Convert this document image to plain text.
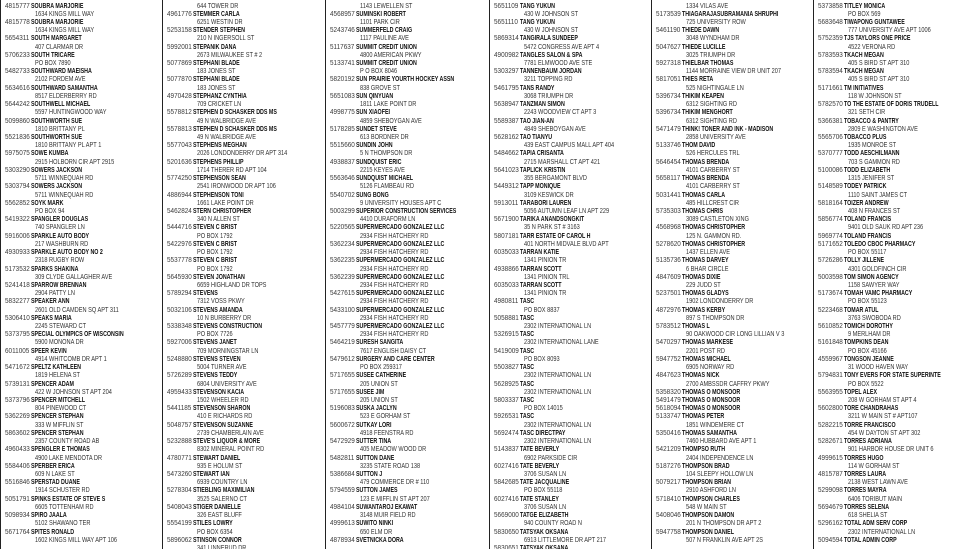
4815777 SOUBRA MARJORIE
1634 KINGS MILL WAY
4815778 SOUBRA MARJORIE
1634 KINGS MILL WAY
5654311 SOUTH MARGARET
407 CLARMAR DR
5706233 SOUTH TRICARE
PO BOX 7890
5482733 SOUTHWARD MAEISHA
2102 FORDEM AVE
5634616 SOUTHWARD SAMANTHA
8517 ELDERBERRY RD
5644242 SOUTHWELL MICHAEL
5597 HUNTINGWOOD WAY
5099860 SOUTHWORTH SUE
1810 BRITTANY PL
5521836 SOUTHWORTH SUE
1810 BRITTANY PL APT 1
5975075 SOWE KUMBA
2915 HOLBORN CIR APT 2915
5303290 SOWERS JACKSON
5711 WINNEQUAH RD
5303794 SOWERS JACKSON
5711 WINNEQUAH RD
5562852 SOYK MARK
PO BOX 94
5419322 SPANGLER DOUGLAS
740 SPANGLER LN
5916006 SPARKLE AUTO BODY
217 WASHBURN RD
4930933 SPARKLE AUTO BODY NO 2
2318 RUGBY ROW
5173532 SPARKS SHAKINA
309 CLYDE GALLAGHER AVE
5241418 SPARROW BRENNAN
2904 PATTY LN
5832277 SPEAKER ANN
2601 OLD CAMDEN SQ APT 311
5306410 SPEAKS MARIA
2245 STEWARD CT
5373795 SPECIAL OLYMPICS OF WISCONSIN
5900 MONONA DR
6011005 SPEER KEVIN
4914 WHITCOMB DR APT 1
5471672 SPELTZ KATHLEEN
1819 HELENA ST
5739131 SPENCER ADAM
422 W JOHNSON ST APT 204
5373796 SPENCER MITCHELL
804 PINEWOOD CT
5362269 SPENCER STEPHAN
333 W MIFFLIN ST
5863602 SPENCER STEPHAN
2357 COUNTY ROAD AB
4960433 SPENGLER E THOMAS
4900 LAKE MENDOTA DR
5584406 SPERBER ERICA
609 N LAKE ST
5516846 SPERSTAD DUANE
1914 SCHUSTER RD
5051791 SPINKS ESTATE OF STEVE S
6605 TOTTENHAM RD
5098934 SPIRO JAALA
5102 SHAWANO TER
5671764 SPITES RONALD
1602 KINGS MILL WAY APT 106
644 TOWER DR
4961776 STEMMER CARLA
6251 WESTIN DR
5253158 STENDER STEPHEN
210 N INGERSOLL ST
5992001 STEPANIK DANA
2673 MILWAUKEE ST # 2
5077869 STEPHANI BLADE
183 JONES ST
5077870 STEPHANI BLADE
183 JONES ST
4970428 STEPHANZ CYNTHIA
709 CRICKET LN
5578812 STEPHEN D SCHASKER DDS MS
49 N WALBRIDGE AVE
5578813 STEPHEN D SCHASKER DDS MS
49 N WALBRIDGE AVE
5577043 STEPHENS MEGHAN
2026 LONDONDERRY DR APT 314
5201636 STEPHENS PHILLIP
1714 THERER RD APT 104
5774250 STEPHENSON SEAN
2541 IRONWOOD DR APT 106
4886944 STEPHENSON TONI
1661 LAKE POINT DR
5462824 STERN CHRISTOPHER
340 N ALLEN ST
5444716 STEVEN C BRIST
PO BOX 1792
5422976 STEVEN C BRIST
PO BOX 1792
5537778 STEVEN C BRIST
PO BOX 1792
5645930 STEVEN JONATHAN
6659 HIGHLAND DR TOPS
5789294 STEVENS
7312 VOSS PKWY
5032106 STEVENS AMANDA
10 N BURBERRY DR
5338348 STEVENS CONSTRUCTION
PO BOX 7726
5927006 STEVENS JANET
709 MORNINGSTAR LN
5248880 STEVENS STEVEN
5004 TURNER AVE
5726289 STEVENS TEDDY
6804 UNIVERSITY AVE
4959433 STEVENSON KACIA
1502 WHEELER RD
5441185 STEVENSON SHARON
410 E RICHARDS RD
5048757 STEVENSON SUZANNE
2739 CHAMBERLAIN AVE
5232888 STEVE'S LIQUOR & MORE
8302 MINERAL POINT RD
4780771 STEWART DANIEL
935 E HOLUM ST
5473260 STEWART IAN
6939 COUNTRY LN
5278304 STIEBLING MAXIMILIAN
3525 SALERNO CT
5408043 STIGER DANIELLE
326 EAST BLUFF
5554199 STILES LOWRY
PO BOX 6354
5896062 STINSON CONNOR
341 LINNERUD DR
1143 LEWELLEN ST
4568957 SUMINSKI ROBERT
1101 PARK CIR
5243746 SUMMERFELD CRAIG
1117 PAULINE AVE
5117637 SUMMIT CREDIT UNION
4800 AMERICAN PKWY
5133741 SUMMIT CREDIT UNION
P O BOX 8046
5820192 SUN PRAIRIE YOURTH HOCKEY ASSN
838 GROVE ST
5651083 SUN QINYUAN
1811 LAKE POINT DR
4998775 SUN XIAOFEI
4859 SHEBOYGAN AVE
5178285 SUNDET STEVE
613 BORDNER DR
5515660 SUNDIN JOHN
5 N THOMPSON DR
4938837 SUNDQUIST ERIC
2215 KEYES AVE
5563646 SUNDQUIST MICHAEL
5126 FLAMBEAU RD
5540702 SUNG BONG
9 UNIVERSITY HOUSES APT C
5003299 SUPERIOR CONSTRUCTION SERVICES
4410 DURAFORM LN
5220565 SUPERMERCADO GONZALEZ LLC
2934 FISH HATCHERY RD
5362234 SUPERMERCADO GONZALEZ LLC
2934 FISH HATCHERY RD
5362235 SUPERMERCADO GONZALEZ LLC
2934 FISH HATCHERY RD
5362239 SUPERMERCADO GONZALEZ LLC
2934 FISH HATCHERY RD
5427615 SUPERMERCADO GONZALEZ LLC
2934 FISH HATCHERY RD
5433100 SUPERMERCADO GONZALEZ LLC
2934 FISH HATCHERY RD
5457779 SUPERMERCADO GONZALEZ LLC
2934 FISH HATCHERY RD
5464219 SURESH SANGITA
7617 ENGLISH DAISY CT
5479612 SURGERY AND CARE CENTER
PO BOX 259317
5717655 SUSEE CATHERINE
205 UNION ST
5717655 SUSEE JIM
205 UNION ST
5196083 SUSKA JACLYN
523 E GORHAM ST
5600672 SUTKAY LORI
4918 FEENSTRA RD
5472929 SUTTER TINA
405 MEADOW WOOD DR
5482811 SUTTON DANE
3235 STATE ROAD 138
5386684 SUTTON J
479 COMMERCE DR # 110
5794559 SUTTON JAMES
123 E MIFFLIN ST APT 207
4984104 SUWANTAROJ EKAWAT
3148 MUIR FIELD RD
4999613 SUWITO NINKI
650 ELM DR
4878934 SVETNICKA DORA
5651109 TANG YUKUN
430 W JOHNSON ST
5651110 TANG YUKUN
430 W JOHNSON ST
5869314 TANGIRALA SUNDEEP
5472 CONGRESS AVE APT 4
4900982 TANGLES SALON & SPA
7781 ELMWOOD AVE STE
5303297 TANNENBAUM JORDAN
3211 TOPPING RD
5461795 TANS RANDY
3068 TRIUMPH DR
5638947 TANZMAN SIMON
2243 WOODVIEW CT APT 3
5589387 TAO JIAN-AN
4849 SHEBOYGAN AVE
5628162 TAO TIANYU
439 EAST CAMPUS MALL APT 404
5484662 TAPIA CRISANTA
2715 MARSHALL CT APT 421
5641023 TAPLICK KRISTIN
355 BERGAMONT BLVD
5449312 TAPP MONIQUE
3109 KESWICK DR
5913011 TARABORI LAUREN
5056 AUTUMN LEAF LN APT 229
5671900 TARIKA ANANDSONGKIT
35 N PARK ST # 3163
5807181 TARR ESTATE OF CAROL H
401 NORTH MIDVALE BLVD APT
6035033 TARRAN KATIE
1341 PINION TR
4938866 TARRAN SCOTT
1341 PINION TRL
6035033 TARRAN SCOTT
1341 PINION TR
4980811 TASC
PO BOX 8837
5058881 TASC
2302 INTERNATIONAL LN
5326915 TASC
2302 INTERNATIONAL LANE
5419009 TASC
PO BOX 8093
5503827 TASC
2302 INTERNATIONAL LN
5628925 TASC
2302 INTERNATIONAL LN
5803337 TASC
PO BOX 14015
5926531 TASC
2302 INTERNATIONAL LN
5692474 TASC DIRECTPAY
2302 INTERNATIONAL LN
5143837 TATE BEVERLY
6902 PARKSIDE CIR
6027416 TATE BEVERLY
3706 SUSAN LN
5842685 TATE JACQUALINE
PO BOX 55118
6027416 TATE STANLEY
3706 SUSAN LN
5669000 TATGE ELIZABETH
940 COUNTY ROAD N
5830650 TATSYAK OKSANA
6913 LITTLEMORE DR APT 217
5830651 TATSYAK OKSANA
1334 VILAS AVE
5173539 THIAGARAJASUBRAMANIA SHRUPHI
725 UNIVERSITY ROW
5461190 THIEDE DAWN
3048 WYNDHAM DR
5047627 THIEDE LUCILLE
3025 TRIUMPH DR
5927318 THIELBAR THOMAS
1144 MORRAINE VIEW DR UNIT 207
5817051 THIES RETA
525 NIGHTINGALE LN
5396734 THIKIM KEAPEN
6312 SIGHTING RD
5396734 THIKIM MENGHORT
6312 SIGHTING RD
5471479 THINK! TONER AND INK - MADISON
2858 UNIVERSITY AVE
5133746 THOM DAVID
526 HERCULES TRL
5646454 THOMAS BRENDA
4101 CARBERRY ST
5658117 THOMAS BRENDA
4101 CARBERRY ST
5031441 THOMAS CARLA
485 HILLCREST CIR
5735303 THOMAS CHRIS
3089 CASTLETON XING
4568968 THOMAS CHRISTOPHER
125 N. GAMMON RD.
5278620 THOMAS CHRISTOPHER
1437 ELLEN AVE
5135736 THOMAS DARVEY
6 BHAR CIRCLE
4847609 THOMAS DIXIE
229 JUDD ST
5237501 THOMAS GLADYS
1902 LONDONDERRY DR
4872976 THOMAS KERBY
897 S THOMPSON DR
5783512 THOMAS L
90 OAKWOOD CIR LONG LILLIAN V 3
5470297 THOMAS MARKESE
2201 POST RD
5947752 THOMAS MICHAEL
6905 NORWAY RD
4847623 THOMAS NICK
2700 AMBSSDR CAFFRY PKWY
5358320 THOMAS O MONSOOR
5491479 THOMAS O MONSOOR
5618094 THOMAS O MONSOOR
5133747 THOMAS PETER
1851 WINDEMERE CT
5350416 THOMAS SAMANTHA
7460 HUBBARD AVE APT 1
5421209 THOMPSO RUTH
2404 INDEPENDENCE LN
5187276 THOMPSON BRAD
104 SLEEPY HOLLOW LN
5079217 THOMPSON BRIAN
2910 ASHFORD LN
5718410 THOMPSON CHARLES
548 W MAIN ST
5408046 THOMPSON DAMON
201 N THOMPSON DR APT 2
5947758 THOMPSON DANIEL
507 N FRANKLIN AVE APT 2S
5373858 TITLEY MONICA
PO BOX 569
5683648 TIWAPONG GUNTAWEE
777 UNIVERSITY AVE APT 1006
5752359 TJS TAYLORS ONE PRICE
4522 VERONA RD
5783593 TKACH MEGAN
405 S BIRD ST APT 310
5783594 TKACH MEGAN
405 S BIRD ST APT 310
5171661 TM INITIATIVES
118 W JOHNSON ST
5782570 TO THE ESTATE OF DORIS TRUDELL
321 SETH CIR
5366381 TOBACCO & PANTRY
2809 E WASHINGTON AVE
5565706 TOBACCO PLUS
1935 MONROE ST
5370777 TODD AESCHILMANN
703 S GAMMON RD
5100086 TODD ELIZABETH
1315 JENIFER ST
5148589 TODEY PATRICK
1110 SAINT JAMES CT
5818164 TOIZER ANDREW
408 N FRANCES ST
5856774 TOLAND FRANCIS
9401 OLD SAUK RD APT 236
5969774 TOLAND FRANCIS
5171652 TOLEDO CBOC PHARMACY
PO BOX 55117
5726286 TOLLY JILLENE
4301 GOLDFINCH CIR
5003598 TOM SIMON AGENCY
1158 SAWYER WAY
5173674 TOMAH VAMC PHARMACY
PO BOX 55123
5223468 TOMAR ATUL
3763 SWOBODA RD
5610852 TOMICH DOROTHY
9 MERLHAM DR
5161848 TOMPKINS DEAN
PO BOX 45166
4559967 TONGSON JEANNE
31 WOOD HAVEN WAY
5794831 TONY EVERS FOR STATE SUPERINTE
PO BOX 5522
5563955 TOPEL ALEX
208 W GORHAM ST APT 4
5602800 TORE CHANDRAHAS
3211 W MAIN ST # APT107
5282215 TORRE FRANCISCO
454 W DAYTON ST APT 302
5282671 TORRES ADRIANA
901 HARBOR HOUSE DR UNIT 6
4999615 TORRES HUGO
114 W GORHAM ST
4815787 TORRES LAURA
2138 WEST LAWN AVE
5299098 TORRES MAYRA
6406 TORIBUT MAIN
5694679 TORRES SELENA
618 SHELIA ST
5296162 TOTAL ADM SERV CORP
2302 INTERNATIONAL LN
5094594 TOTAL ADMIN CORP
